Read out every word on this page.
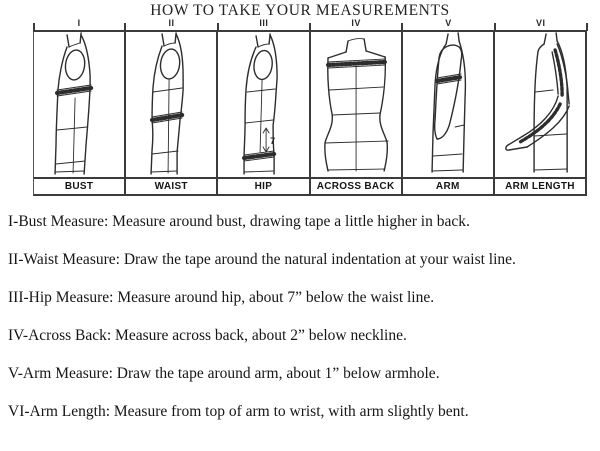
HOW TO TAKE YOUR MEASUREMENTS
I	II	III	IV	V	VI
7
BUST	WAIST	HIP	ACROSS BACK	ARM	ARM LENGTH

I-Bust Measure: Measure around bust, drawing tape a little higher in back.

II-Waist Measure: Draw the tape around the natural indentation at your waist line.

III-Hip Measure: Measure around hip, about 7” below the waist line.

IV-Across Back: Measure across back, about 2” below neckline.

V-Arm Measure: Draw the tape around arm, about 1” below armhole.

VI-Arm Length: Measure from top of arm to wrist, with arm slightly bent.
